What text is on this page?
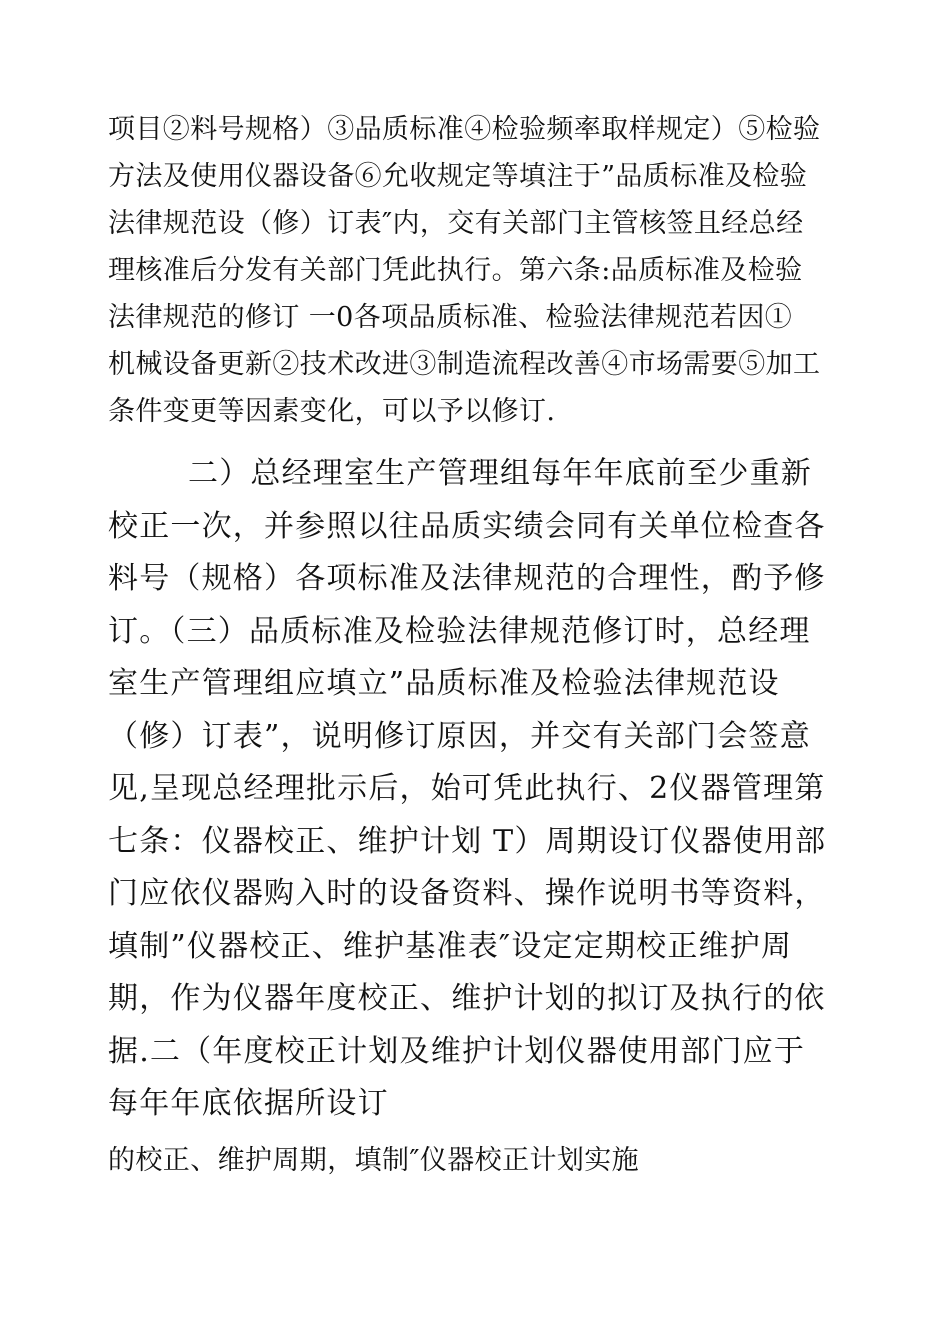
项目②料号规格）③品质标准④检验频率取样规定）⑤检验
方法及使用仪器设备⑥允收规定等填注于”品质标准及检验
法律规范设（修）订表″内，交有关部门主管核签且经总经
理核准后分发有关部门凭此执行。第六条:品质标准及检验
法律规范的修订 一0各项品质标准、检验法律规范若因①
机械设备更新②技术改进③制造流程改善④市场需要⑤加工
条件变更等因素变化，可以予以修订.
二）总经理室生产管理组每年年底前至少重新
校正一次，并参照以往品质实绩会同有关单位检查各
料号（规格）各项标准及法律规范的合理性，酌予修
订。（三）品质标准及检验法律规范修订时，总经理
室生产管理组应填立”品质标准及检验法律规范设
（修）订表”，说明修订原因，并交有关部门会签意
见,呈现总经理批示后，始可凭此执行、2仪器管理第
七条：仪器校正、维护计划 T）周期设订仪器使用部
门应依仪器购入时的设备资料、操作说明书等资料，
填制”仪器校正、维护基准表″设定定期校正维护周
期，作为仪器年度校正、维护计划的拟订及执行的依
据.二（年度校正计划及维护计划仪器使用部门应于
每年年底依据所设订
的校正、维护周期，填制″仪器校正计划实施
